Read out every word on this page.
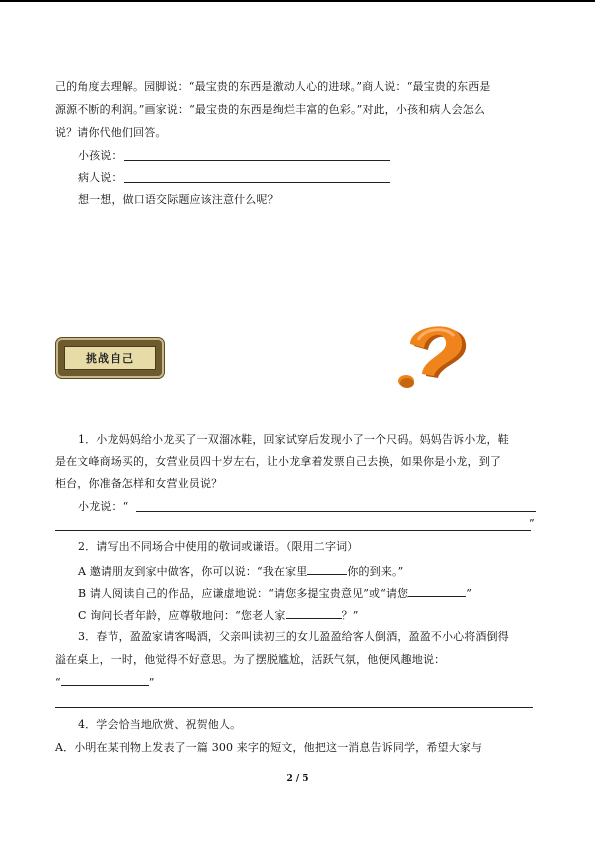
己的角度去理解。园脚说：“最宝贵的东西是激动人心的进球。”商人说：“最宝贵的东西是

源源不断的利润。”画家说：“最宝贵的东西是绚烂丰富的色彩。”对此，小孩和病人会怎么

说？请你代他们回答。

小孩说：

病人说：

想一想，做口语交际题应该注意什么呢？

挑战自己

1．小龙妈妈给小龙买了一双溜冰鞋，回家试穿后发现小了一个尺码。妈妈告诉小龙，鞋

是在文峰商场买的，女营业员四十岁左右，让小龙拿着发票自己去换，如果你是小龙，到了

柜台，你准备怎样和女营业员说？

小龙说：“

”

2．请写出不同场合中使用的敬词或谦语。（限用二字词）

A 邀请朋友到家中做客，你可以说：“我在家里	你的到来。”

B 请人阅读自己的作品，应谦虚地说：“请您多提宝贵意见”或“请您	”

C 询问长者年龄，应尊敬地问：“您老人家	？”

3．春节，盈盈家请客喝酒，父亲叫读初三的女儿盈盈给客人倒酒，盈盈不小心将酒倒得

溢在桌上，一时，他觉得不好意思。为了摆脱尴尬，活跃气氛，他便风趣地说：

“	”

4．学会恰当地欣赏、祝贺他人。

A．小明在某刊物上发表了一篇 300 来字的短文，他把这一消息告诉同学，希望大家与

2 / 5
